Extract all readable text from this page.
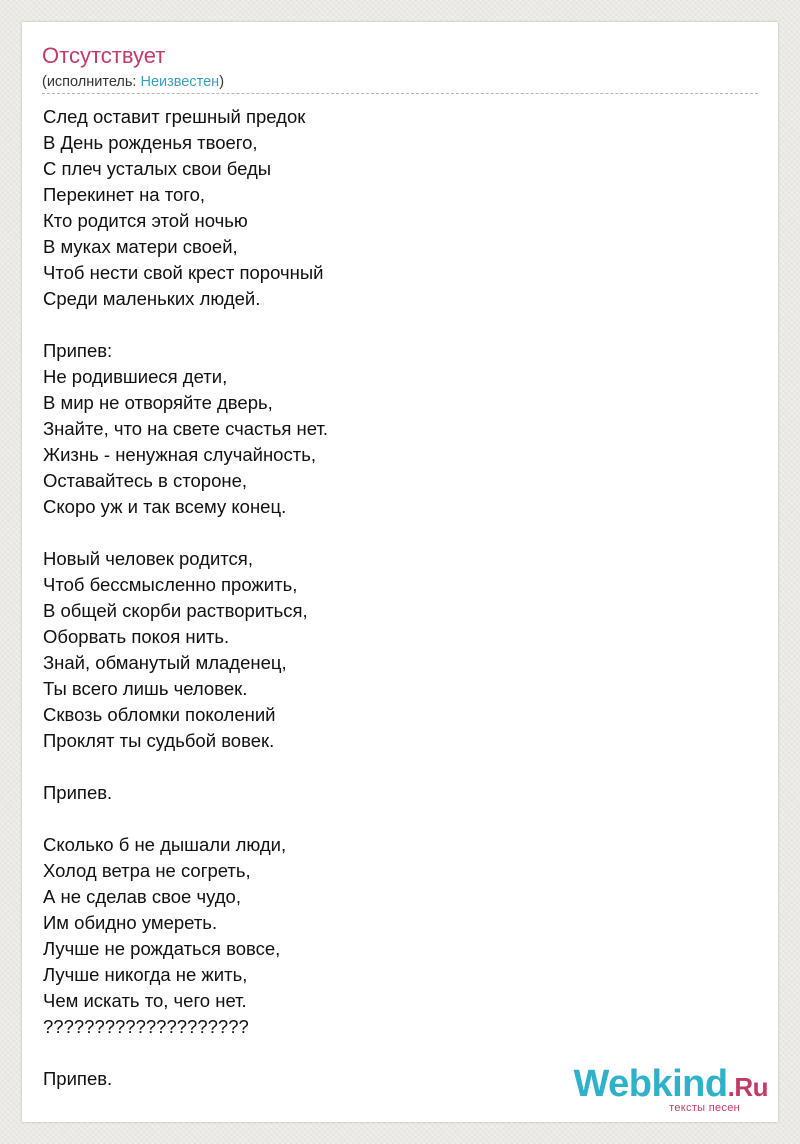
Отсутствует
(исполнитель: Неизвестен)
След оставит грешный предок
В День рожденья твоего,
С плеч усталых свои беды
Перекинет на того,
Кто родится этой ночью
В муках матери своей,
Чтоб нести свой крест порочный
Среди маленьких людей.
Припев:
Не родившиеся дети,
В мир не отворяйте дверь,
Знайте, что на свете счастья нет.
Жизнь - ненужная случайность,
Оставайтесь в стороне,
Скоро уж и так всему конец.
Новый человек родится,
Чтоб бессмысленно прожить,
В общей скорби раствориться,
Оборвать покоя нить.
Знай, обманутый младенец,
Ты всего лишь человек.
Сквозь обломки поколений
Проклят ты судьбой вовек.
Припев.
Сколько б не дышали люди,
Холод ветра не согреть,
А не сделав свое чудо,
Им обидно умереть.
Лучше не рождаться вовсе,
Лучше никогда не жить,
Чем искать то, чего нет.
????????????????????
Припев.	Webkind.Ru
тексты песен
